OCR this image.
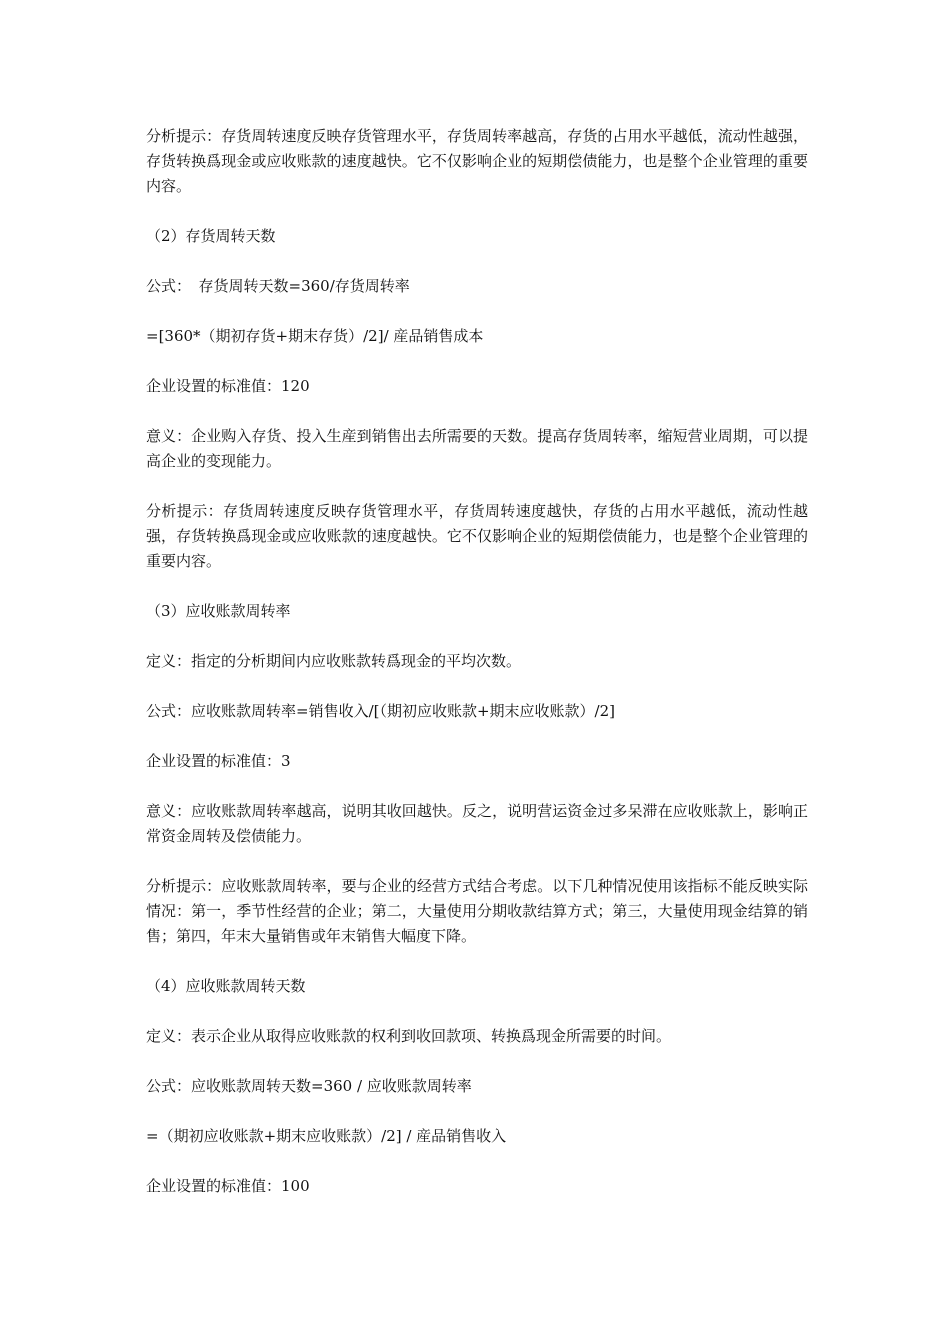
分析提示：存货周转速度反映存货管理水平，存货周转率越高，存货的占用水平越低，流动性越强，存货转换爲现金或应收账款的速度越快。它不仅影响企业的短期偿债能力，也是整个企业管理的重要内容。

（2）存货周转天数

公式：　存货周转天数=360/存货周转率

=[360*（期初存货+期末存货）/2]/ 産品销售成本

企业设置的标准值：120

意义：企业购入存货、投入生産到销售出去所需要的天数。提高存货周转率，缩短营业周期，可以提高企业的变现能力。

分析提示：存货周转速度反映存货管理水平，存货周转速度越快，存货的占用水平越低，流动性越强，存货转换爲现金或应收账款的速度越快。它不仅影响企业的短期偿债能力，也是整个企业管理的重要内容。

（3）应收账款周转率

定义：指定的分析期间内应收账款转爲现金的平均次数。

公式：应收账款周转率=销售收入/[（期初应收账款+期末应收账款）/2]

企业设置的标准值：3

意义：应收账款周转率越高，说明其收回越快。反之，说明营运资金过多呆滞在应收账款上，影响正常资金周转及偿债能力。

分析提示：应收账款周转率，要与企业的经营方式结合考虑。以下几种情况使用该指标不能反映实际情况：第一，季节性经营的企业；第二，大量使用分期收款结算方式；第三，大量使用现金结算的销售；第四，年末大量销售或年末销售大幅度下降。

（4）应收账款周转天数

定义：表示企业从取得应收账款的权利到收回款项、转换爲现金所需要的时间。

公式：应收账款周转天数=360 / 应收账款周转率

=（期初应收账款+期末应收账款）/2] / 産品销售收入

企业设置的标准值：100
